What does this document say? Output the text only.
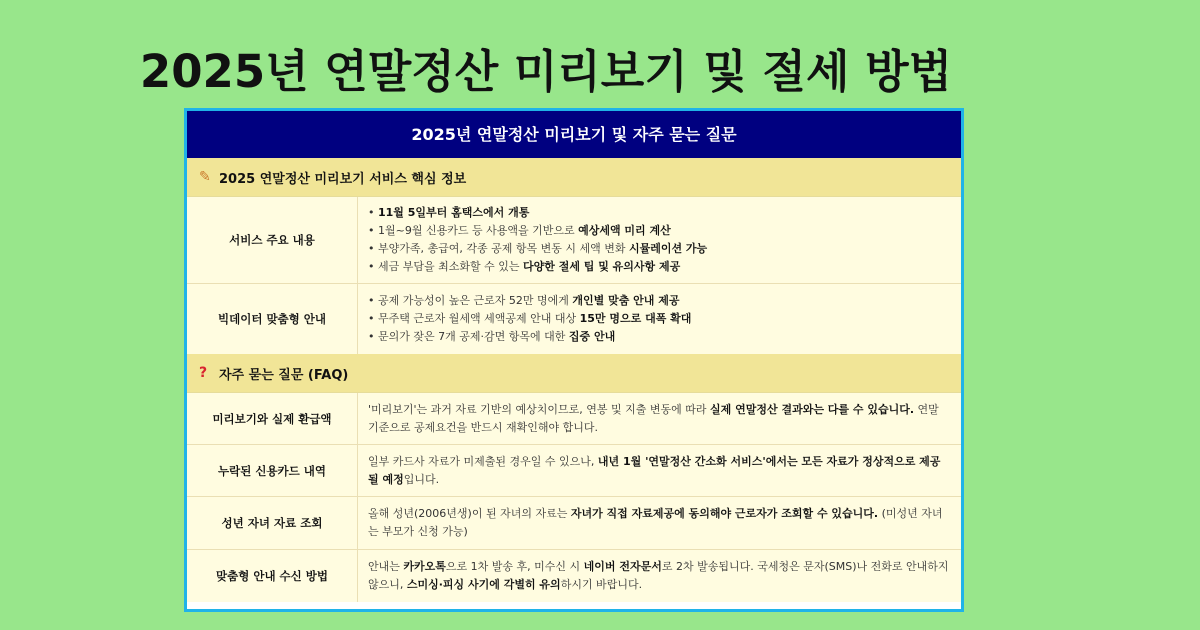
2025년 연말정산 미리보기 및 절세 방법
2025년 연말정산 미리보기 및 자주 묻는 질문
✎ 2025 연말정산 미리보기 서비스 핵심 정보
서비스 주요 내용
• 11월 5일부터 홈택스에서 개통
• 1월~9월 신용카드 등 사용액을 기반으로 예상세액 미리 계산
• 부양가족, 총급여, 각종 공제 항목 변동 시 세액 변화 시뮬레이션 가능
• 세금 부담을 최소화할 수 있는 다양한 절세 팁 및 유의사항 제공
빅데이터 맞춤형 안내
• 공제 가능성이 높은 근로자 52만 명에게 개인별 맞춤 안내 제공
• 무주택 근로자 월세액 세액공제 안내 대상 15만 명으로 대폭 확대
• 문의가 잦은 7개 공제·감면 항목에 대한 집중 안내
? 자주 묻는 질문 (FAQ)
미리보기와 실제 환급액
'미리보기'는 과거 자료 기반의 예상치이므로, 연봉 및 지출 변동에 따라 실제 연말정산 결과와는 다를 수 있습니다. 연말 기준으로 공제요건을 반드시 재확인해야 합니다.
누락된 신용카드 내역
일부 카드사 자료가 미제출된 경우일 수 있으나, 내년 1월 '연말정산 간소화 서비스'에서는 모든 자료가 정상적으로 제공될 예정입니다.
성년 자녀 자료 조회
올해 성년(2006년생)이 된 자녀의 자료는 자녀가 직접 자료제공에 동의해야 근로자가 조회할 수 있습니다. (미성년 자녀는 부모가 신청 가능)
맞춤형 안내 수신 방법
안내는 카카오톡으로 1차 발송 후, 미수신 시 네이버 전자문서로 2차 발송됩니다. 국세청은 문자(SMS)나 전화로 안내하지 않으니, 스미싱·피싱 사기에 각별히 유의하시기 바랍니다.
